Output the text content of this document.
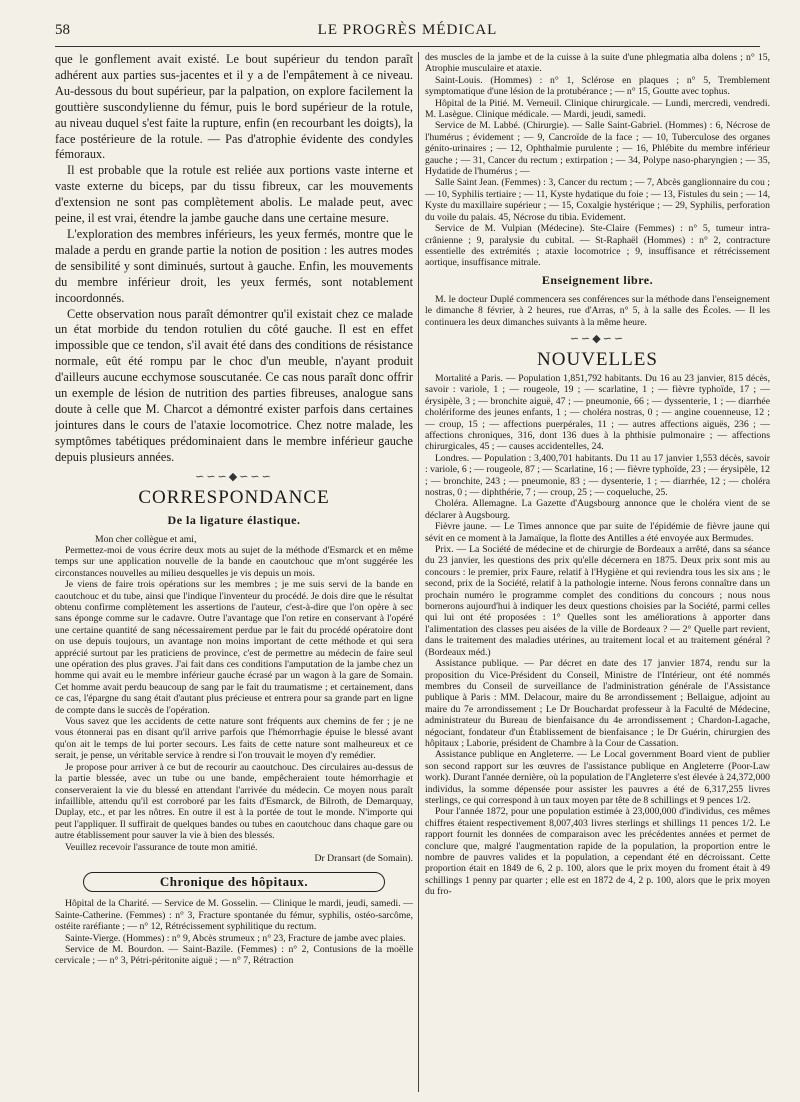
58	LE PROGRÈS MÉDICAL

que le gonflement avait existé. Le bout supérieur du tendon paraît adhérent aux parties sus-jacentes et il y a de l'empâtement à ce niveau. Au-dessous du bout supérieur, par la palpation, on explore facilement la gouttière suscondylienne du fémur, puis le bord supérieur de la rotule, au niveau duquel s'est faite la rupture, enfin (en recourbant les doigts), la face postérieure de la rotule. — Pas d'atrophie évidente des condyles fémoraux.

Il est probable que la rotule est reliée aux portions vaste interne et vaste externe du biceps, par du tissu fibreux, car les mouvements d'extension ne sont pas complètement abolis. Le malade peut, avec peine, il est vrai, étendre la jambe gauche dans une certaine mesure.

L'exploration des membres inférieurs, les yeux fermés, montre que le malade a perdu en grande partie la notion de position : les autres modes de sensibilité y sont diminués, surtout à gauche. Enfin, les mouvements du membre inférieur droit, les yeux fermés, sont notablement incoordonnés.

Cette observation nous paraît démontrer qu'il existait chez ce malade un état morbide du tendon rotulien du côté gauche. Il est en effet impossible que ce tendon, s'il avait été dans des conditions de résistance normale, eût été rompu par le choc d'un meuble, n'ayant produit d'ailleurs aucune ecchymose souscutanée. Ce cas nous paraît donc offrir un exemple de lésion de nutrition des parties fibreuses, analogue sans doute à celle que M. Charcot a démontré exister parfois dans certaines jointures dans le cours de l'ataxie locomotrice. Chez notre malade, les symptômes tabétiques prédominaient dans le membre inférieur gauche depuis plusieurs années.

∽∽∽◆∽∽∽
CORRESPONDANCE
De la ligature élastique.

Mon cher collègue et ami,

Permettez-moi de vous écrire deux mots au sujet de la méthode d'Esmarck et en même temps sur une application nouvelle de la bande en caoutchouc que m'ont suggérée les circonstances nouvelles au milieu desquelles je vis depuis un mois.

Je viens de faire trois opérations sur les membres ; je me suis servi de la bande en caoutchouc et du tube, ainsi que l'indique l'inventeur du procédé. Je dois dire que le résultat obtenu confirme complètement les assertions de l'auteur, c'est-à-dire que l'on opère à sec sans éponge comme sur le cadavre. Outre l'avantage que l'on retire en conservant à l'opéré une certaine quantité de sang nécessairement perdue par le fait du procédé opératoire dont on use depuis toujours, un avantage non moins important de cette méthode et qui sera apprécié surtout par les praticiens de province, c'est de permettre au médecin de faire seul une opération des plus graves. J'ai fait dans ces conditions l'amputation de la jambe chez un homme qui avait eu le membre inférieur gauche écrasé par un wagon à la gare de Somain. Cet homme avait perdu beaucoup de sang par le fait du traumatisme ; et certainement, dans ce cas, l'épargne du sang était d'autant plus précieuse et entrera pour sa grande part en ligne de compte dans le succès de l'opération.

Vous savez que les accidents de cette nature sont fréquents aux chemins de fer ; je ne vous étonnerai pas en disant qu'il arrive parfois que l'hémorrhagie épuise le blessé avant qu'on ait le temps de lui porter secours. Les faits de cette nature sont malheureux et ce serait, je pense, un véritable service à rendre si l'on trouvait le moyen d'y remédier.

Je propose pour arriver à ce but de recourir au caoutchouc. Des circulaires au-dessus de la partie blessée, avec un tube ou une bande, empêcheraient toute hémorrhagie et conserveraient la vie du blessé en attendant l'arrivée du médecin. Ce moyen nous paraît infaillible, attendu qu'il est corroboré par les faits d'Esmarck, de Bilroth, de Demarquay, Duplay, etc., et par les nôtres. En outre il est à la portée de tout le monde. N'importe qui peut l'appliquer. Il suffirait de quelques bandes ou tubes en caoutchouc dans chaque gare ou autre établissement pour sauver la vie à bien des blessés.

Veuillez recevoir l'assurance de toute mon amitié.

Dr Dransart (de Somain).

Chronique des hôpitaux.

Hôpital de la Charité. — Service de M. Gosselin. — Clinique le mardi, jeudi, samedi. — Sainte-Catherine. (Femmes) : n° 3, Fracture spontanée du fémur, syphilis, ostéo-sarcôme, ostéite raréfiante ; — n° 12, Rétrécissement syphilitique du rectum.

Sainte-Vierge. (Hommes) : n° 9, Abcès strumeux ; n° 23, Fracture de jambe avec plaies.

Service de M. Bourdon. — Saint-Bazile. (Femmes) : n° 2, Contusions de la moëlle cervicale ; — n° 3, Pétri-péritonite aiguë ; — n° 7, Rétraction

des muscles de la jambe et de la cuisse à la suite d'une phlegmatia alba dolens ; n° 15, Atrophie musculaire et ataxie.

Saint-Louis. (Hommes) : n° 1, Sclérose en plaques ; n° 5, Tremblement symptomatique d'une lésion de la protubérance ; — n° 15, Goutte avec tophus.

Hôpital de la Pitié. M. Verneuil. Clinique chirurgicale. — Lundi, mercredi, vendredi. M. Lasègue. Clinique médicale. — Mardi, jeudi, samedi.

Service de M. Labbé. (Chirurgie). — Salle Saint-Gabriel. (Hommes) : 6, Nécrose de l'humérus ; évidement ; — 9, Cancroïde de la face ; — 10, Tuberculose des organes génito-urinaires ; — 12, Ophthalmie purulente ; — 16, Phlébite du membre inférieur gauche ; — 31, Cancer du rectum ; extirpation ; — 34, Polype naso-pharyngien ; — 35, Hydatide de l'humérus ; —

Salle Saint Jean. (Femmes) : 3, Cancer du rectum ; — 7, Abcès ganglionnaire du cou ; — 10, Syphilis tertiaire ; — 11, Kyste hydatique du foie ; — 13, Fistules du sein ; — 14, Kyste du maxillaire supérieur ; — 15, Coxalgie hystérique ; — 29, Syphilis, perforation du voile du palais. 45, Nécrose du tibia. Evidement.

Service de M. Vulpian (Médecine). Ste-Claire (Femmes) : n° 5, tumeur intra-crânienne ; 9, paralysie du cubital. — St-Raphaël (Hommes) : n° 2, contracture essentielle des extrémités ; ataxie locomotrice ; 9, insuffisance et rétrécissement aortique, insuffisance mitrale.

Enseignement libre.

M. le docteur Duplé commencera ses conférences sur la méthode dans l'enseignement le dimanche 8 février, à 2 heures, rue d'Arras, n° 5, à la salle des Écoles. — Il les continuera les deux dimanches suivants à la même heure.

∽∽◆∽∽
NOUVELLES

Mortalité a Paris. — Population 1,851,792 habitants. Du 16 au 23 janvier, 815 décès, savoir : variole, 1 ; — rougeole, 19 ; — scarlatine, 1 ; — fièvre typhoïde, 17 ; — érysipèle, 3 ; — bronchite aiguë, 47 ; — pneumonie, 66 ; — dyssenterie, 1 ; — diarrhée cholériforme des jeunes enfants, 1 ; — choléra nostras, 0 ; — angine couenneuse, 12 ; — croup, 15 ; — affections puerpérales, 11 ; — autres affections aiguës, 236 ; — affections chroniques, 316, dont 136 dues à la phthisie pulmonaire ; — affections chirurgicales, 45 ; — causes accidentelles, 24.

Londres. — Population : 3,400,701 habitants. Du 11 au 17 janvier 1,553 décès, savoir : variole, 6 ; — rougeole, 87 ; — Scarlatine, 16 ; — fièvre typhoïde, 23 ; — érysipèle, 12 ; — bronchite, 243 ; — pneumonie, 83 ; — dysenterie, 1 ; — diarrhée, 12 ; — choléra nostras, 0 ; — diphthérie, 7 ; — croup, 25 ; — coqueluche, 25.

Choléra. Allemagne. La Gazette d'Augsbourg annonce que le choléra vient de se déclarer à Augsbourg.

Fièvre jaune. — Le Times annonce que par suite de l'épidémie de fièvre jaune qui sévit en ce moment à la Jamaïque, la flotte des Antilles a été envoyée aux Bermudes.

Prix. — La Société de médecine et de chirurgie de Bordeaux a arrêté, dans sa séance du 23 janvier, les questions des prix qu'elle décernera en 1875. Deux prix sont mis au concours : le premier, prix Faure, relatif à l'Hygiène et qui reviendra tous les six ans ; le second, prix de la Société, relatif à la pathologie interne. Nous ferons connaître dans un prochain numéro le programme complet des conditions du concours ; nous nous bornerons aujourd'hui à indiquer les deux questions choisies par la Société, parmi celles qui lui ont été proposées : 1° Quelles sont les améliorations à apporter dans l'alimentation des classes peu aisées de la ville de Bordeaux ? — 2° Quelle part revient, dans le traitement des maladies utérines, au traitement local et au traitement général ? (Bordeaux méd.)

Assistance publique. — Par décret en date des 17 janvier 1874, rendu sur la proposition du Vice-Président du Conseil, Ministre de l'Intérieur, ont été nommés membres du Conseil de surveillance de l'administration générale de l'Assistance publique à Paris : MM. Delacour, maire du 8e arrondissement ; Bellaigue, adjoint au maire du 7e arrondissement ; Le Dr Bouchardat professeur à la Faculté de Médecine, administrateur du Bureau de bienfaisance du 4e arrondissement ; Chardon-Lagache, négociant, fondateur d'un Établissement de bienfaisance ; le Dr Guérin, chirurgien des hôpitaux ; Laborie, président de Chambre à la Cour de Cassation.

Assistance publique en Angleterre. — Le Local government Board vient de publier son second rapport sur les œuvres de l'assistance publique en Angleterre (Poor-Law work). Durant l'année dernière, où la population de l'Angleterre s'est élevée à 24,372,000 individus, la somme dépensée pour assister les pauvres a été de 6,317,255 livres sterlings, ce qui correspond à un taux moyen par tête de 8 schillings et 9 pences 1/2.

Pour l'année 1872, pour une population estimée à 23,000,000 d'individus, ces mêmes chiffres étaient respectivement 8,007,403 livres sterlings et shillings 11 pences 1/2. Le rapport fournit les données de comparaison avec les précédentes années et permet de conclure que, malgré l'augmentation rapide de la population, la proportion entre le nombre de pauvres valides et la population, a cependant été en décroissant. Cette proportion était en 1849 de 6, 2 p. 100, alors que le prix moyen du froment était à 49 schillings 1 penny par quarter ; elle est en 1872 de 4, 2 p. 100, alors que le prix moyen du fro-
